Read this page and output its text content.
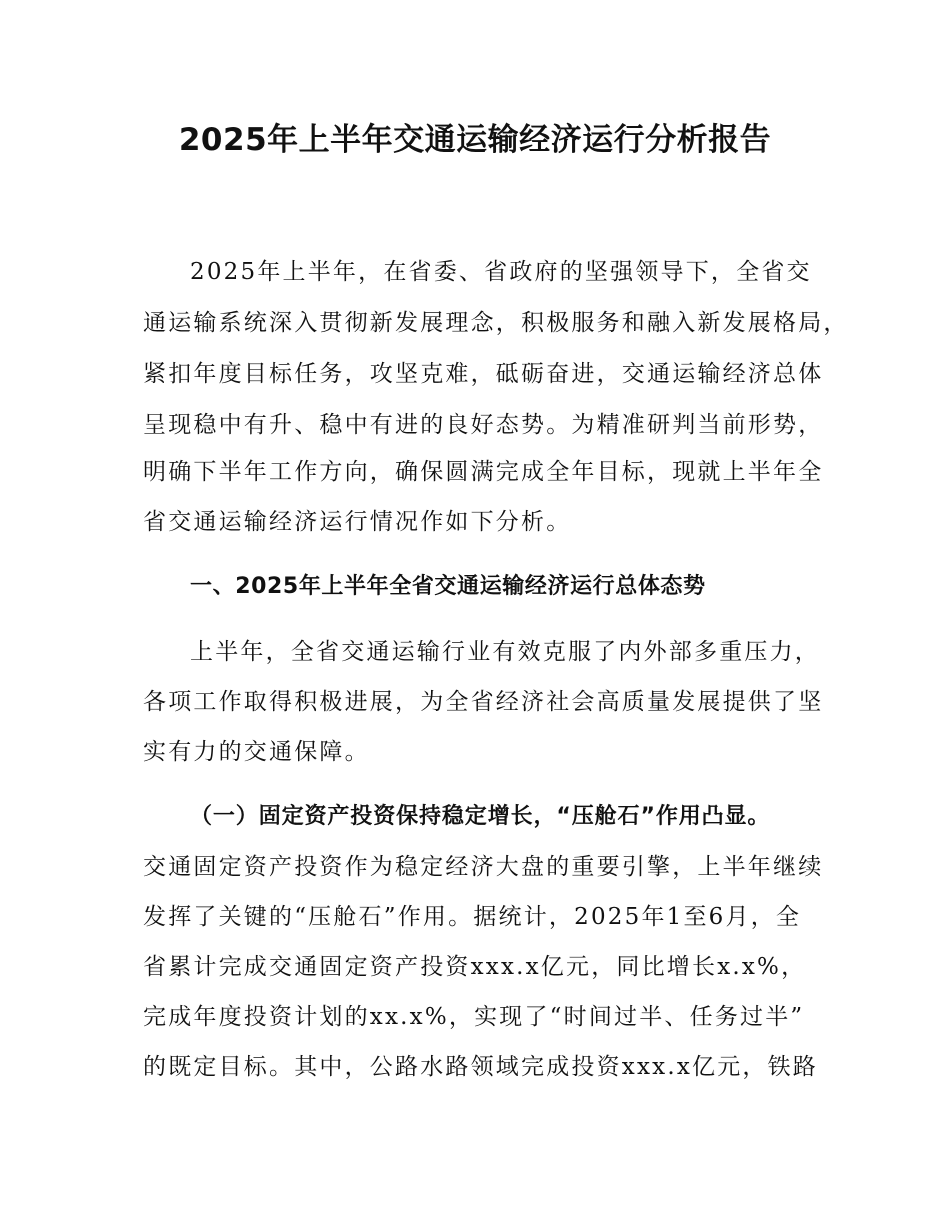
2025年上半年交通运输经济运行分析报告

2025年上半年，在省委、省政府的坚强领导下，全省交

通运输系统深入贯彻新发展理念，积极服务和融入新发展格局，

紧扣年度目标任务，攻坚克难，砥砺奋进，交通运输经济总体

呈现稳中有升、稳中有进的良好态势。为精准研判当前形势，

明确下半年工作方向，确保圆满完成全年目标，现就上半年全

省交通运输经济运行情况作如下分析。

一、2025年上半年全省交通运输经济运行总体态势

上半年，全省交通运输行业有效克服了内外部多重压力，

各项工作取得积极进展，为全省经济社会高质量发展提供了坚

实有力的交通保障。

（一）固定资产投资保持稳定增长，“压舱石”作用凸显。

交通固定资产投资作为稳定经济大盘的重要引擎，上半年继续

发挥了关键的“压舱石”作用。据统计，2025年1至6月，全

省累计完成交通固定资产投资xxx.x亿元，同比增长x.x%，

完成年度投资计划的xx.x%，实现了“时间过半、任务过半”

的既定目标。其中，公路水路领域完成投资xxx.x亿元，铁路
